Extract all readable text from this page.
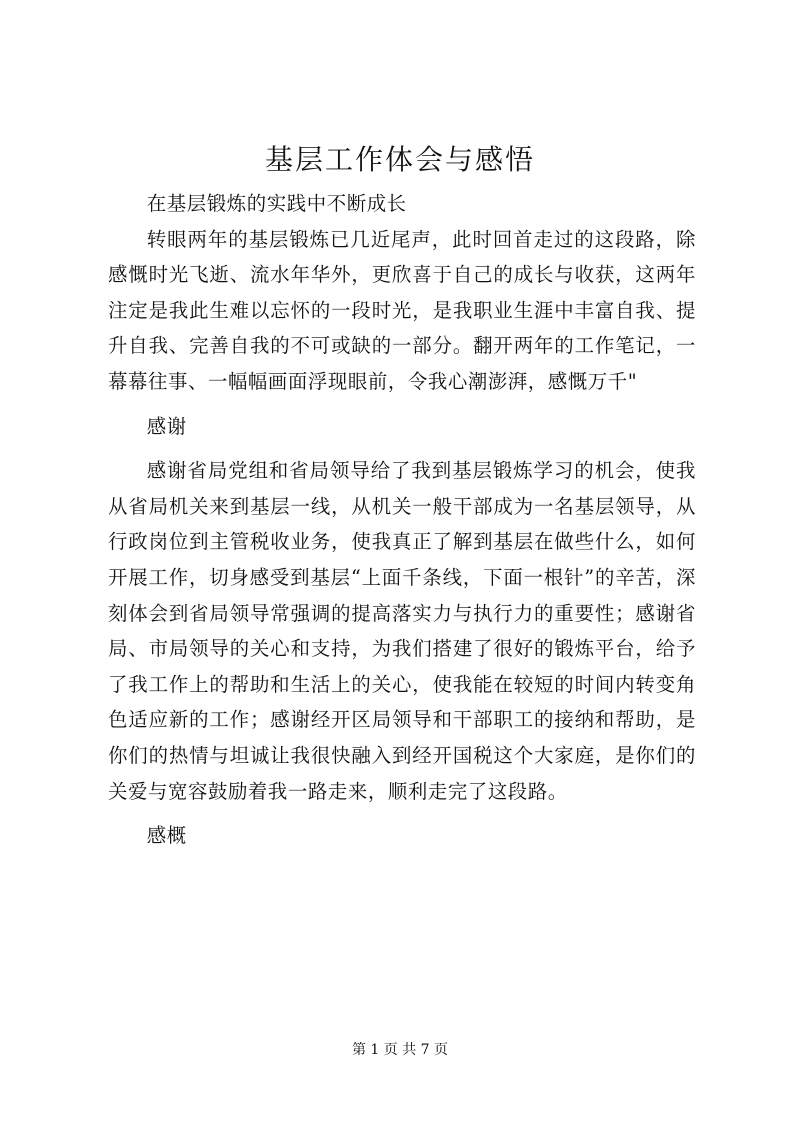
基层工作体会与感悟

在基层锻炼的实践中不断成长

转眼两年的基层锻炼已几近尾声，此时回首走过的这段路，除感慨时光飞逝、流水年华外，更欣喜于自己的成长与收获，这两年注定是我此生难以忘怀的一段时光，是我职业生涯中丰富自我、提升自我、完善自我的不可或缺的一部分。翻开两年的工作笔记，一幕幕往事、一幅幅画面浮现眼前，令我心潮澎湃，感慨万千"

感谢

感谢省局党组和省局领导给了我到基层锻炼学习的机会，使我从省局机关来到基层一线，从机关一般干部成为一名基层领导，从行政岗位到主管税收业务，使我真正了解到基层在做些什么，如何开展工作，切身感受到基层“上面千条线，下面一根针”的辛苦，深刻体会到省局领导常强调的提高落实力与执行力的重要性；感谢省局、市局领导的关心和支持，为我们搭建了很好的锻炼平台，给予了我工作上的帮助和生活上的关心，使我能在较短的时间内转变角色适应新的工作；感谢经开区局领导和干部职工的接纳和帮助，是你们的热情与坦诚让我很快融入到经开国税这个大家庭，是你们的关爱与宽容鼓励着我一路走来，顺利走完了这段路。

感概

第 1 页 共 7 页
